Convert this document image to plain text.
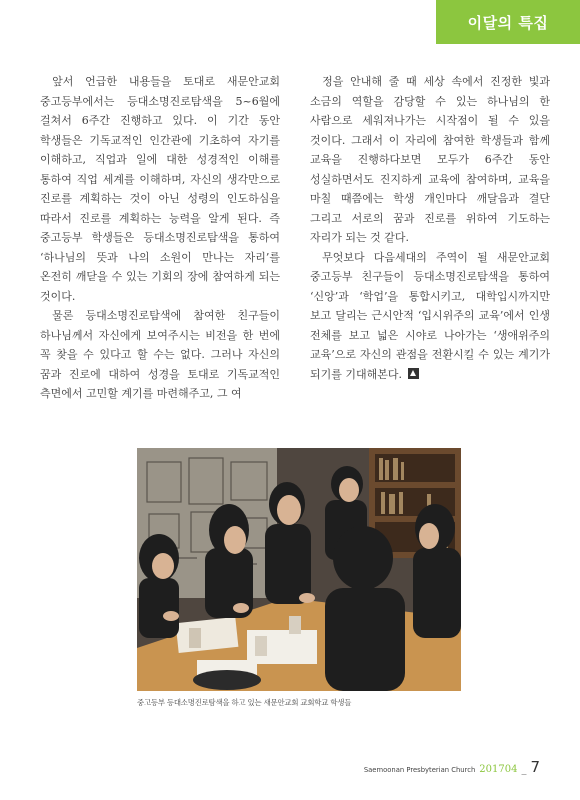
이달의 특집

앞서 언급한 내용들을 토대로 새문안교회 중고등부에서는 등대소명진로탐색을 5~6월에 걸쳐서 6주간 진행하고 있다. 이 기간 동안 학생들은 기독교적인 인간관에 기초하여 자기를 이해하고, 직업과 일에 대한 성경적인 이해를 통하여 직업 세계를 이해하며, 자신의 생각만으로 진로를 계획하는 것이 아닌 성령의 인도하심을 따라서 진로를 계획하는 능력을 알게 된다. 즉 중고등부 학생들은 등대소명진로탐색을 통하여 ‘하나님의 뜻과 나의 소원이 만나는 자리’를 온전히 깨닫을 수 있는 기회의 장에 참여하게 되는 것이다.

물론 등대소명진로탐색에 참여한 친구들이 하나님께서 자신에게 보여주시는 비전을 한 번에 꼭 찾을 수 있다고 할 수는 없다. 그러나 자신의 꿈과 진로에 대하여 성경을 토대로 기독교적인 측면에서 고민할 계기를 마련해주고, 그 여

정을 안내해 줄 때 세상 속에서 진정한 빛과 소금의 역할을 감당할 수 있는 하나님의 한 사람으로 세워져나가는 시작점이 될 수 있을 것이다. 그래서 이 자리에 참여한 학생들과 함께 교육을 진행하다보면 모두가 6주간 동안 성실하면서도 진지하게 교육에 참여하며, 교육을 마칠 때쯤에는 학생 개인마다 깨달음과 결단 그리고 서로의 꿈과 진로를 위하여 기도하는 자리가 되는 것 같다.

무엇보다 다음세대의 주역이 될 새문안교회 중고등부 친구들이 등대소명진로탐색을 통하여 ‘신앙’과 ‘학업’을 통합시키고, 대학입시까지만 보고 달리는 근시안적 ‘입시위주의 교육’에서 인생 전체를 보고 넓은 시야로 나아가는 ‘생애위주의 교육’으로 자신의 관점을 전환시킬 수 있는 계기가 되기를 기대해본다.

중고등부 등대소명진로탐색을 하고 있는 새문안교회 교회학교 학생들
Saemoonan Presbyterian Church 201704 _ 7
